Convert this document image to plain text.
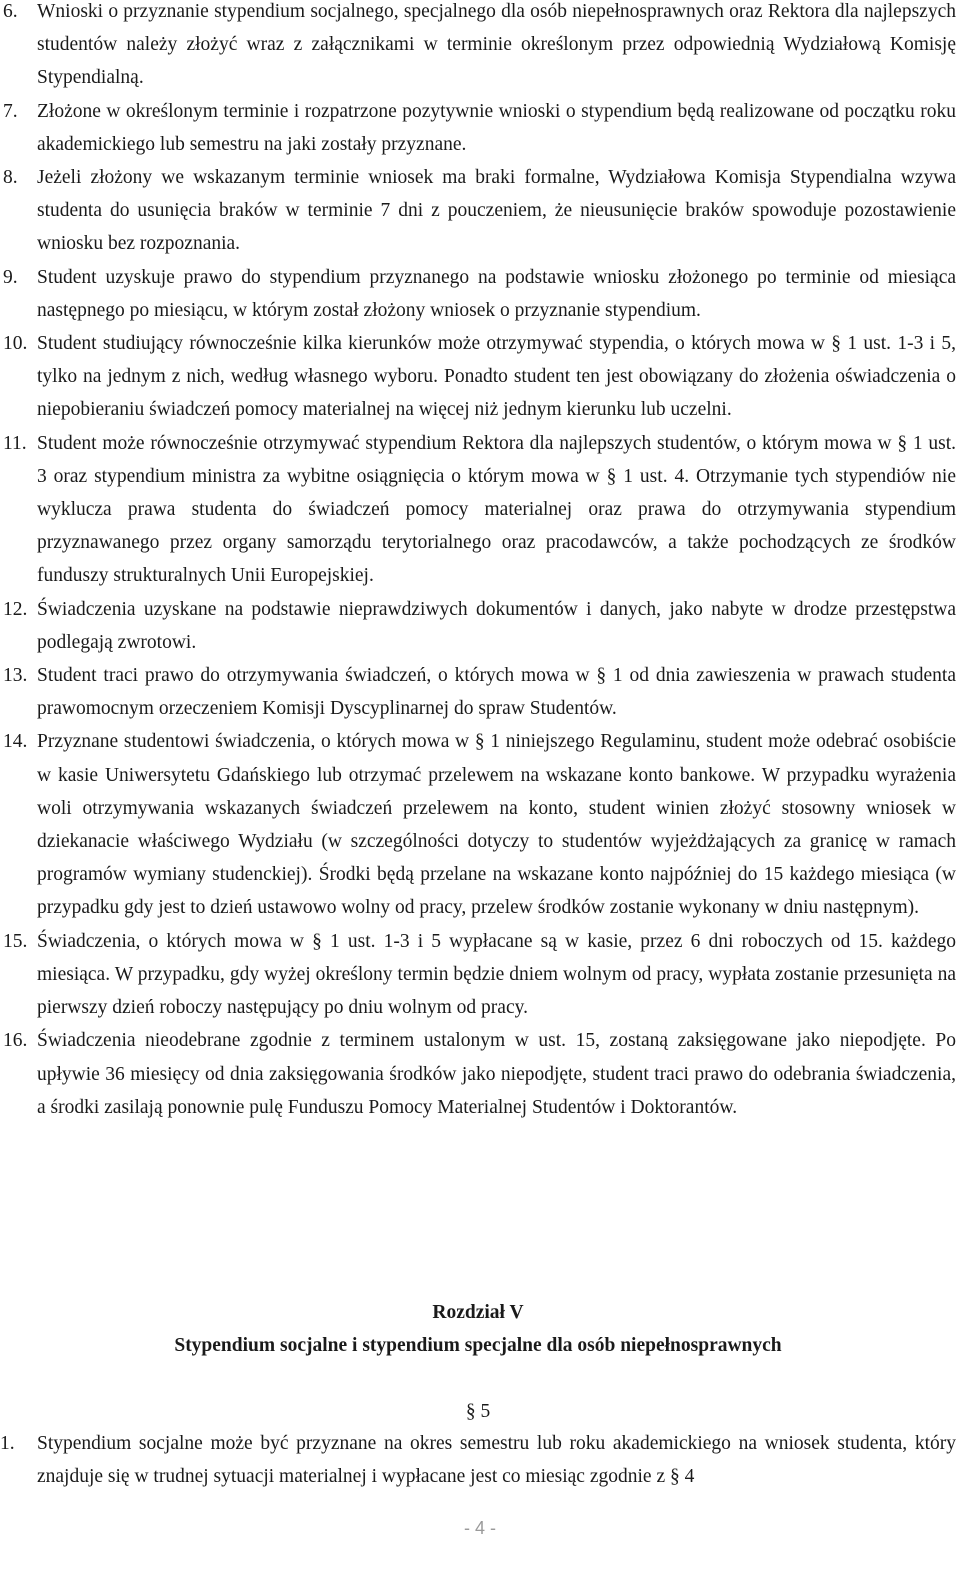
6. Wnioski o przyznanie stypendium socjalnego, specjalnego dla osób niepełnosprawnych oraz Rektora dla najlepszych studentów należy złożyć wraz z załącznikami w terminie określonym przez odpowiednią Wydziałową Komisję Stypendialną.
7. Złożone w określonym terminie i rozpatrzone pozytywnie wnioski o stypendium będą realizowane od początku roku akademickiego lub semestru na jaki zostały przyznane.
8. Jeżeli złożony we wskazanym terminie wniosek ma braki formalne, Wydziałowa Komisja Stypendialna wzywa studenta do usunięcia braków w terminie 7 dni z pouczeniem, że nieusunięcie braków spowoduje pozostawienie wniosku bez rozpoznania.
9. Student uzyskuje prawo do stypendium przyznanego na podstawie wniosku złożonego po terminie od miesiąca następnego po miesiącu, w którym został złożony wniosek o przyznanie stypendium.
10. Student studiujący równocześnie kilka kierunków może otrzymywać stypendia, o których mowa w § 1 ust. 1-3 i 5, tylko na jednym z nich, według własnego wyboru. Ponadto student ten jest obowiązany do złożenia oświadczenia o niepobieraniu świadczeń pomocy materialnej na więcej niż jednym kierunku lub uczelni.
11. Student może równocześnie otrzymywać stypendium Rektora dla najlepszych studentów, o którym mowa w § 1 ust. 3 oraz stypendium ministra za wybitne osiągnięcia o którym mowa w § 1 ust. 4. Otrzymanie tych stypendiów nie wyklucza prawa studenta do świadczeń pomocy materialnej oraz prawa do otrzymywania stypendium przyznawanego przez organy samorządu terytorialnego oraz pracodawców, a także pochodzących ze środków funduszy strukturalnych Unii Europejskiej.
12. Świadczenia uzyskane na podstawie nieprawdziwych dokumentów i danych, jako nabyte w drodze przestępstwa podlegają zwrotowi.
13. Student traci prawo do otrzymywania świadczeń, o których mowa w § 1 od dnia zawieszenia w prawach studenta prawomocnym orzeczeniem Komisji Dyscyplinarnej do spraw Studentów.
14. Przyznane studentowi świadczenia, o których mowa w § 1 niniejszego Regulaminu, student może odebrać osobiście w kasie Uniwersytetu Gdańskiego lub otrzymać przelewem na wskazane konto bankowe. W przypadku wyrażenia woli otrzymywania wskazanych świadczeń przelewem na konto, student winien złożyć stosowny wniosek w dziekanacie właściwego Wydziału (w szczególności dotyczy to studentów wyjeżdżających za granicę w ramach programów wymiany studenckiej). Środki będą przelane na wskazane konto najpóźniej do 15 każdego miesiąca (w przypadku gdy jest to dzień ustawowo wolny od pracy, przelew środków zostanie wykonany w dniu następnym).
15. Świadczenia, o których mowa w § 1 ust. 1-3 i 5 wypłacane są w kasie, przez 6 dni roboczych od 15. każdego miesiąca. W przypadku, gdy wyżej określony termin będzie dniem wolnym od pracy, wypłata zostanie przesunięta na pierwszy dzień roboczy następujący po dniu wolnym od pracy.
16. Świadczenia nieodebrane zgodnie z terminem ustalonym w ust. 15, zostaną zaksięgowane jako niepodjęte. Po upływie 36 miesięcy od dnia zaksięgowania środków jako niepodjęte, student traci prawo do odebrania świadczenia, a środki zasilają ponownie pulę Funduszu Pomocy Materialnej Studentów i Doktorantów.
Rozdział V
Stypendium socjalne i stypendium specjalne dla osób niepełnosprawnych
§ 5
1. Stypendium socjalne może być przyznane na okres semestru lub roku akademickiego na wniosek studenta, który znajduje się w trudnej sytuacji materialnej i wypłacane jest co miesiąc zgodnie z § 4
- 4 -
